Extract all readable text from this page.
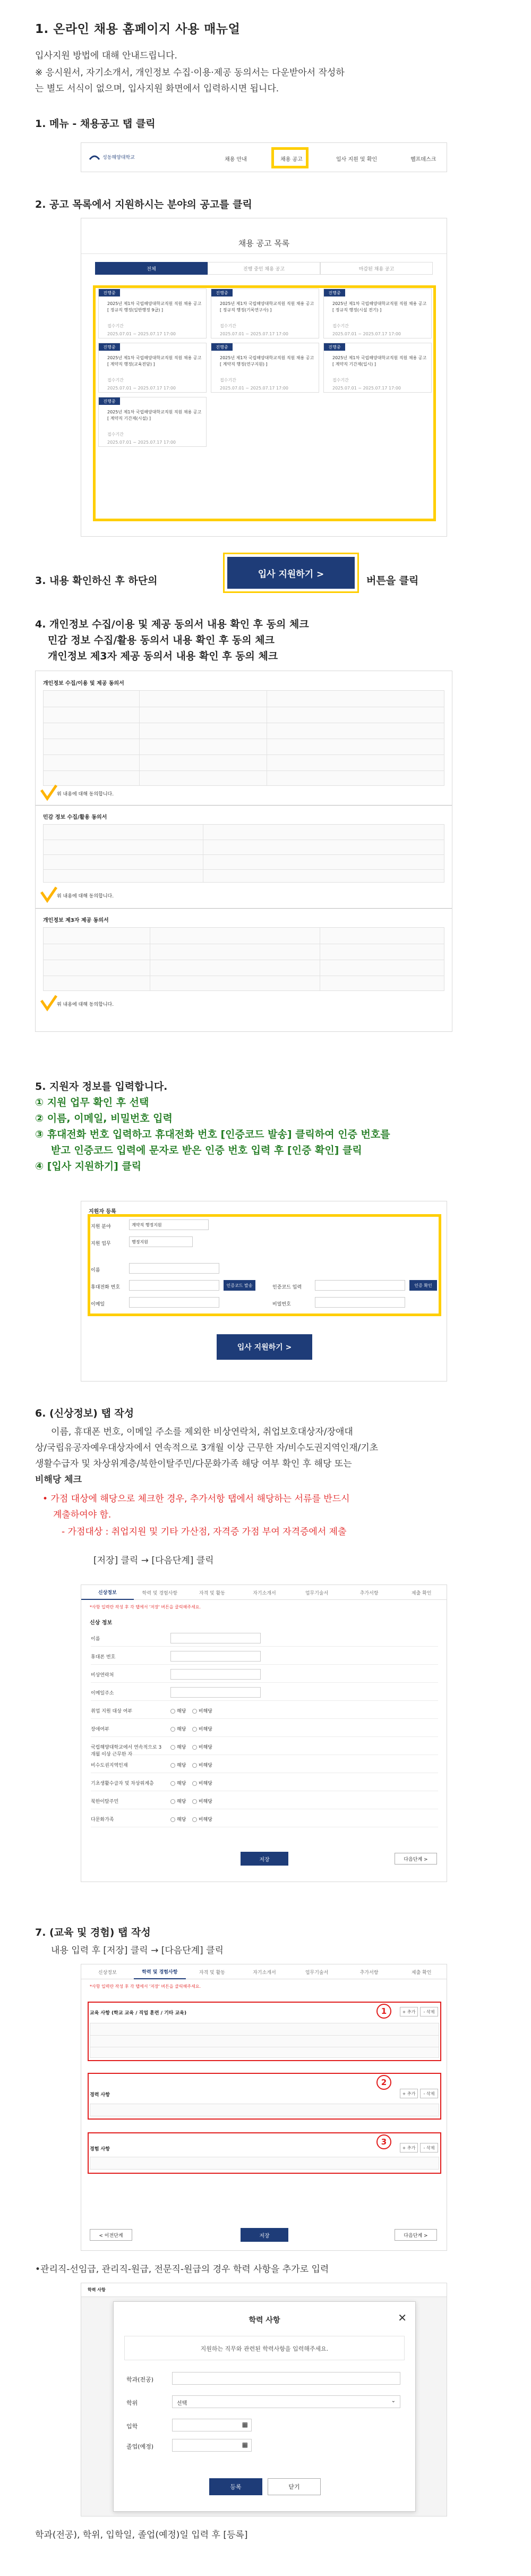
1. 온라인 채용 홈페이지 사용 매뉴얼
입사지원 방법에 대해 안내드립니다.
※ 응시원서, 자기소개서, 개인정보 수집·이용·제공 동의서는 다운받아서 작성하
는 별도 서식이 없으며, 입사지원 화면에서 입력하시면 됩니다.
1. 메뉴 - 채용공고 탭 클릭
성동해양대학교	채용 안내	채용 공고	입사 지원 및 확인	헬프데스크
2. 공고 목록에서 지원하시는 분야의 공고를 클릭
채용 공고 목록
전체	진행 중인 채용 공고	마감된 채용 공고
진행중
2025년 제1차 국립해양대학교직원 직원 채용 공고
[ 정규직 행정(일반행정 9급) ]
접수기간
2025.07.01 ~ 2025.07.17 17:00
진행중
2025년 제1차 국립해양대학교직원 직원 채용 공고
[ 정규직 행정(기록연구사) ]
접수기간
2025.07.01 ~ 2025.07.17 17:00
진행중
2025년 제1차 국립해양대학교직원 직원 채용 공고
[ 정규직 행정(시설 전기) ]
접수기간
2025.07.01 ~ 2025.07.17 17:00
진행중
2025년 제1차 국립해양대학교직원 직원 채용 공고
[ 계약직 행정(교육전담) ]
접수기간
2025.07.01 ~ 2025.07.17 17:00
진행중
2025년 제1차 국립해양대학교직원 직원 채용 공고
[ 계약직 행정(연구지원) ]
접수기간
2025.07.01 ~ 2025.07.17 17:00
진행중
2025년 제1차 국립해양대학교직원 직원 채용 공고
[ 계약직 기간제(입시) ]
접수기간
2025.07.01 ~ 2025.07.17 17:00
진행중
2025년 제1차 국립해양대학교직원 직원 채용 공고
[ 계약직 기간제(시설) ]
접수기간
2025.07.01 ~ 2025.07.17 17:00
3. 내용 확인하신 후 하단의
입사 지원하기 >
버튼을 클릭
4. 개인정보 수집/이용 및 제공 동의서 내용 확인 후 동의 체크
민감 정보 수집/활용 동의서 내용 확인 후 동의 체크
개인정보 제3자 제공 동의서 내용 확인 후 동의 체크
개인정보 수집/이용 및 제공 동의서
위 내용에 대해 동의합니다.
민감 정보 수집/활용 동의서
위 내용에 대해 동의합니다.
개인정보 제3자 제공 동의서
위 내용에 대해 동의합니다.
5. 지원자 정보를 입력합니다.
① 지원 업무 확인 후 선택
② 이름, 이메일, 비밀번호 입력
③ 휴대전화 번호 입력하고 휴대전화 번호 [인증코드 발송] 클릭하여 인증 번호를
받고 인증코드 입력에 문자로 받은 인증 번호 입력 후 [인증 확인] 클릭
④ [입사 지원하기] 클릭
지원자 등록
지원 분야	계약직 행정지원
지원 업무	행정지원
이름
휴대전화 번호	인증코드 발송	인증코드 입력	인증 확인
이메일	비밀번호
입사 지원하기 >
6. (신상정보) 탭 작성
이름, 휴대폰 번호, 이메일 주소를 제외한 비상연락처, 취업보호대상자/장애대
상/국립유공자예우대상자에서 연속적으로 3개월 이상 근무한 자/비수도권지역인재/기초
생활수급자 및 차상위계층/북한이탈주민/다문화가족 해당 여부 확인 후 해당 또는
비해당 체크
• 가점 대상에 해당으로 체크한 경우, 추가서항 탭에서 해당하는 서류를 반드시
계출하여야 함.
- 가점대상 : 취업지원 및 기타 가산점, 자격증 가점 부여 자격증에서 제출
[저장] 클릭 → [다음단계] 클릭
신상정보	학력 및 경험사항	자격 및 활동	자기소개서	업무기술서	추가서항	제출 확인
*사항 입력란 작성 후 각 탭에서 '저장' 버튼을 클릭해주세요.
신상 정보
이름
휴대폰 번호
비상연락처
이메일주소
취업 지원 대상 여부	해당	비해당
장애여부	해당	비해당
국립해양대학교에서 연속적으로 3개월 이상 근무한 자
해당	비해당
비수도권지역인재	해당	비해당
기초생활수급자 및 차상위계층	해당	비해당
북한이탈주민	해당	비해당
다문화가족	해당	비해당
저장	다음단계 >
7. (교육 및 경험) 탭 작성
내용 입력 후 [저장] 클릭 → [다음단계] 클릭
신상정보	학력 및 경험사항	자격 및 활동	자기소개서	업무기술서	추가서항	제출 확인
*사항 입력란 작성 후 각 탭에서 '저장' 버튼을 클릭해주세요.
교육 사항 (학교 교육 / 직업 훈련 / 기타 교육)	1	+ 추가	- 삭제
경력 사항
2
+ 추가	- 삭제
경험 사항
3
+ 추가	- 삭제
< 이전단계	저장	다음단계 >
•관리직-선임급, 관리직-원급, 전문직-원급의 경우 학력 사항을 추가로 입력
학력 사항
학력 사항	✕
지원하는 직무와 관련된 학력사항을 입력해주세요.
학과(전공)
학위	선택	⌄
입학	▦
졸업(예정)	▦
등록	닫기
학과(전공), 학위, 입학일, 졸업(예정)일 입력 후 [등록]
